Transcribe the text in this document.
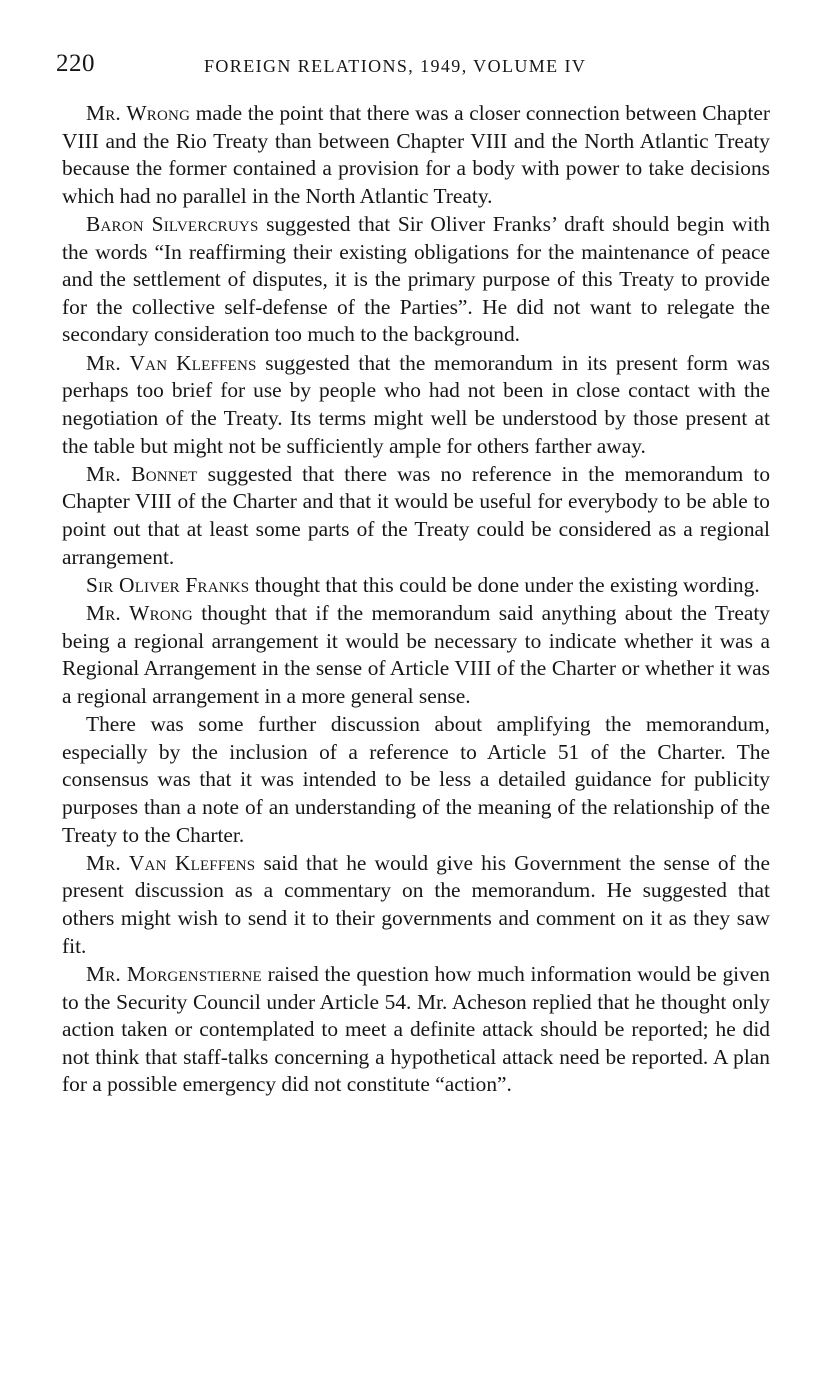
220	FOREIGN RELATIONS, 1949, VOLUME IV

Mr. Wrong made the point that there was a closer connection between Chapter VIII and the Rio Treaty than between Chapter VIII and the North Atlantic Treaty because the former contained a provision for a body with power to take decisions which had no parallel in the North Atlantic Treaty.

Baron Silvercruys suggested that Sir Oliver Franks’ draft should begin with the words “In reaffirming their existing obligations for the maintenance of peace and the settlement of disputes, it is the primary purpose of this Treaty to provide for the collective self-defense of the Parties”. He did not want to relegate the secondary consideration too much to the background.

Mr. Van Kleffens suggested that the memorandum in its present form was perhaps too brief for use by people who had not been in close contact with the negotiation of the Treaty. Its terms might well be understood by those present at the table but might not be sufficiently ample for others farther away.

Mr. Bonnet suggested that there was no reference in the memorandum to Chapter VIII of the Charter and that it would be useful for everybody to be able to point out that at least some parts of the Treaty could be considered as a regional arrangement.

Sir Oliver Franks thought that this could be done under the existing wording.

Mr. Wrong thought that if the memorandum said anything about the Treaty being a regional arrangement it would be necessary to indicate whether it was a Regional Arrangement in the sense of Article VIII of the Charter or whether it was a regional arrangement in a more general sense.

There was some further discussion about amplifying the memorandum, especially by the inclusion of a reference to Article 51 of the Charter. The consensus was that it was intended to be less a detailed guidance for publicity purposes than a note of an understanding of the meaning of the relationship of the Treaty to the Charter.

Mr. Van Kleffens said that he would give his Government the sense of the present discussion as a commentary on the memorandum. He suggested that others might wish to send it to their governments and comment on it as they saw fit.

Mr. Morgenstierne raised the question how much information would be given to the Security Council under Article 54. Mr. Acheson replied that he thought only action taken or contemplated to meet a definite attack should be reported; he did not think that staff-talks concerning a hypothetical attack need be reported. A plan for a possible emergency did not constitute “action”.
